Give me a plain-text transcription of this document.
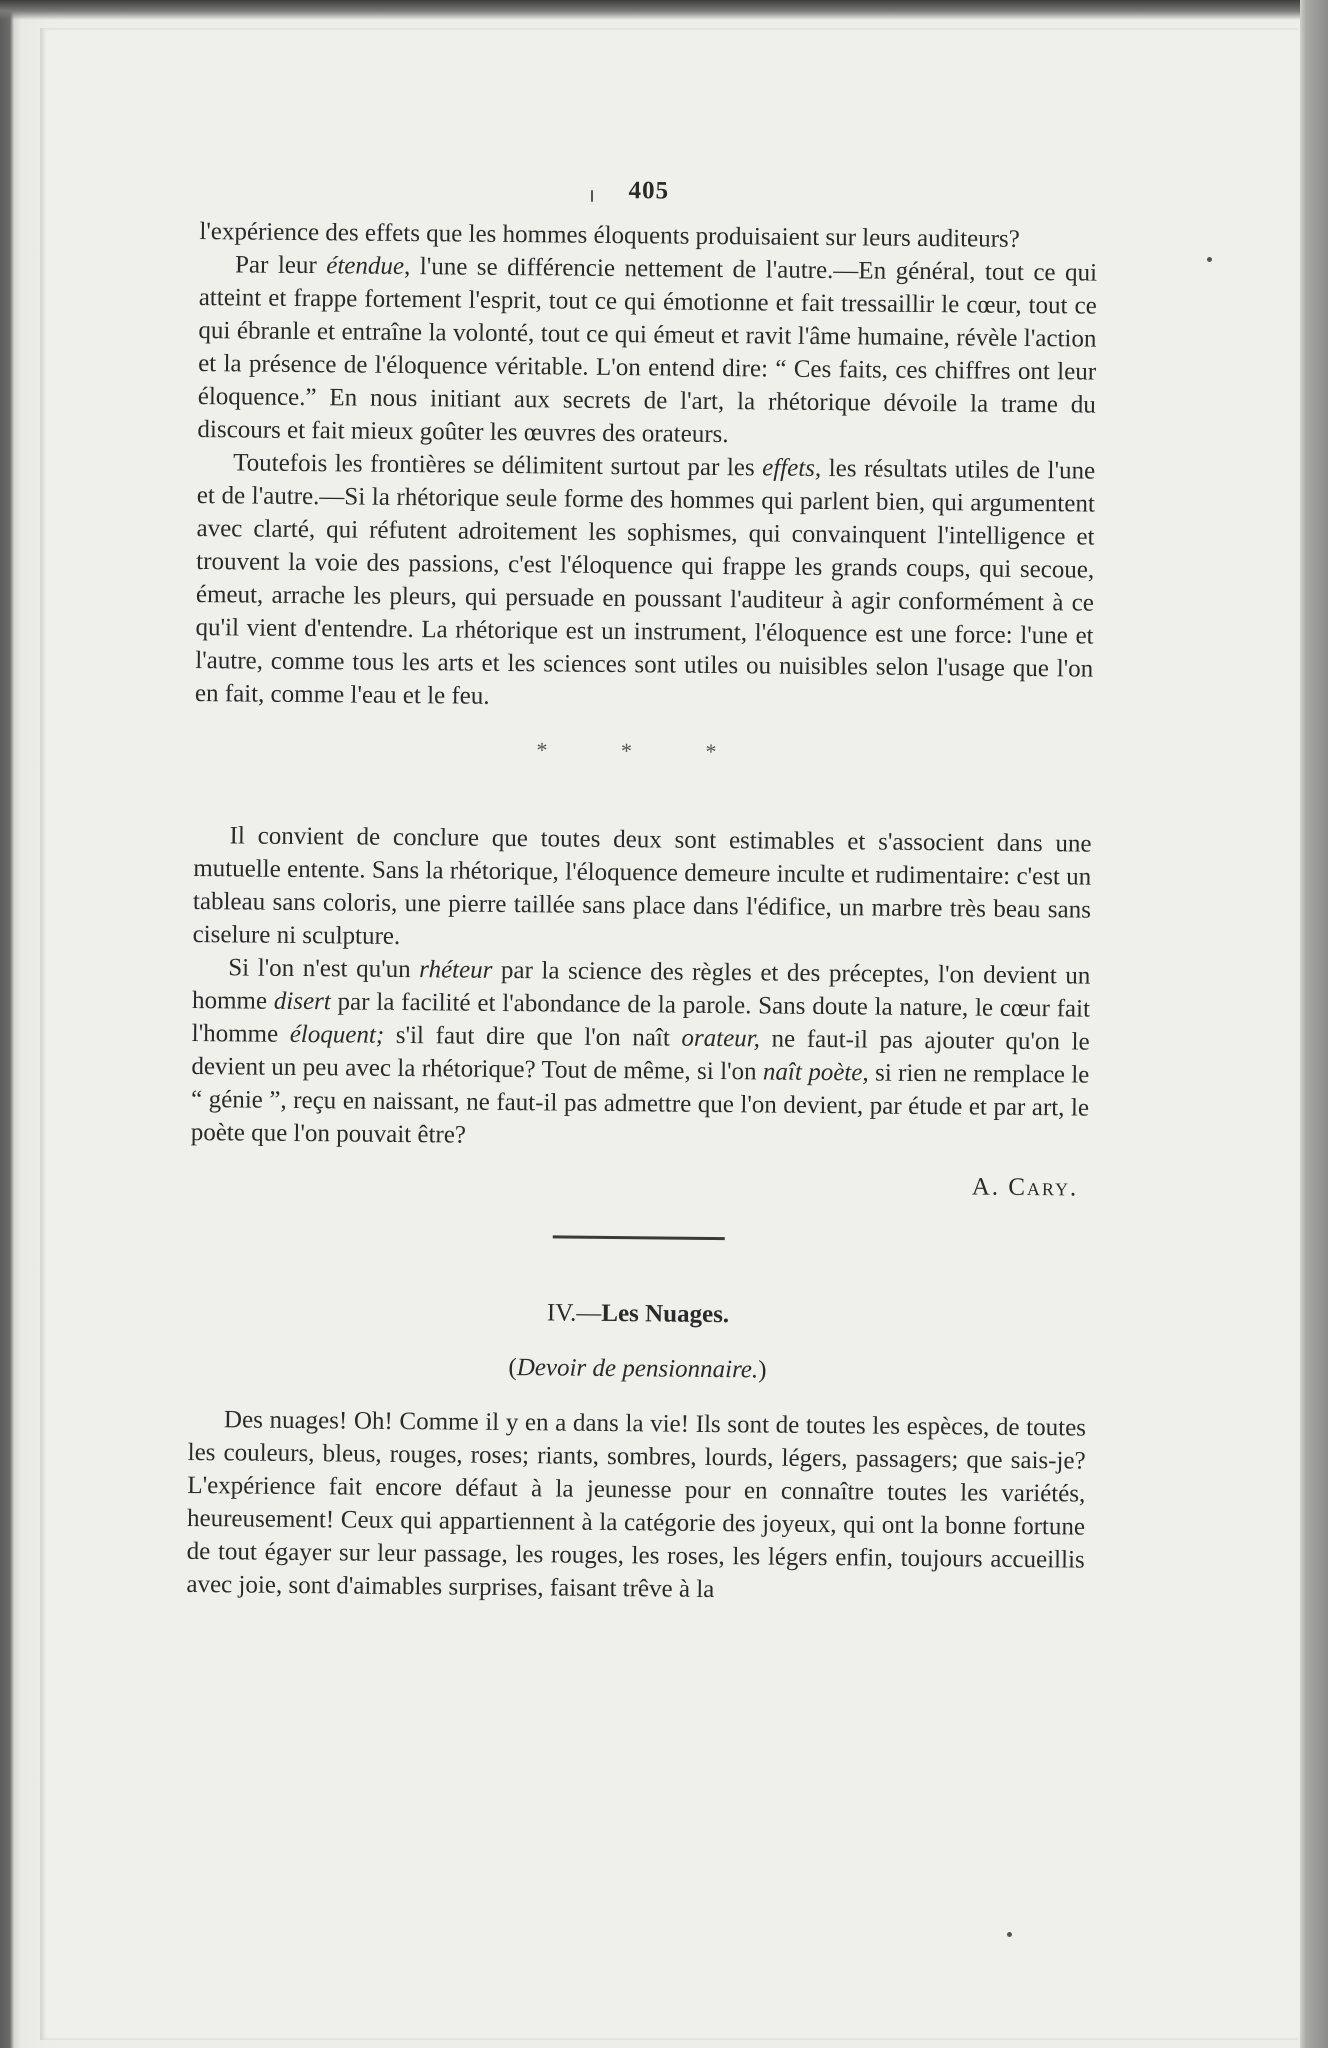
405

l'expérience des effets que les hommes éloquents produisaient sur leurs auditeurs?

Par leur étendue, l'une se différencie nettement de l'autre.—En général, tout ce qui atteint et frappe fortement l'esprit, tout ce qui émotionne et fait tressaillir le cœur, tout ce qui ébranle et entraîne la volonté, tout ce qui émeut et ravit l'âme humaine, révèle l'action et la présence de l'éloquence véritable. L'on entend dire: “ Ces faits, ces chiffres ont leur éloquence.” En nous initiant aux secrets de l'art, la rhétorique dévoile la trame du discours et fait mieux goûter les œuvres des orateurs.

Toutefois les frontières se délimitent surtout par les effets, les résultats utiles de l'une et de l'autre.—Si la rhétorique seule forme des hommes qui parlent bien, qui argumentent avec clarté, qui réfutent adroitement les sophismes, qui convainquent l'intelligence et trouvent la voie des passions, c'est l'éloquence qui frappe les grands coups, qui secoue, émeut, arrache les pleurs, qui persuade en poussant l'auditeur à agir conformément à ce qu'il vient d'entendre. La rhétorique est un instrument, l'éloquence est une force: l'une et l'autre, comme tous les arts et les sciences sont utiles ou nuisibles selon l'usage que l'on en fait, comme l'eau et le feu.

* * *

Il convient de conclure que toutes deux sont estimables et s'associent dans une mutuelle entente. Sans la rhétorique, l'éloquence demeure inculte et rudimentaire: c'est un tableau sans coloris, une pierre taillée sans place dans l'édifice, un marbre très beau sans ciselure ni sculpture.

Si l'on n'est qu'un rhéteur par la science des règles et des préceptes, l'on devient un homme disert par la facilité et l'abondance de la parole. Sans doute la nature, le cœur fait l'homme éloquent; s'il faut dire que l'on naît orateur, ne faut-il pas ajouter qu'on le devient un peu avec la rhétorique? Tout de même, si l'on naît poète, si rien ne remplace le “ génie ”, reçu en naissant, ne faut-il pas admettre que l'on devient, par étude et par art, le poète que l'on pouvait être?

A. Cary.
IV.—Les Nuages.
(Devoir de pensionnaire.)

Des nuages! Oh! Comme il y en a dans la vie! Ils sont de toutes les espèces, de toutes les couleurs, bleus, rouges, roses; riants, sombres, lourds, légers, passagers; que sais-je? L'expérience fait encore défaut à la jeunesse pour en connaître toutes les variétés, heureusement! Ceux qui appartiennent à la catégorie des joyeux, qui ont la bonne fortune de tout égayer sur leur passage, les rouges, les roses, les légers enfin, toujours accueillis avec joie, sont d'aimables surprises, faisant trêve à la
